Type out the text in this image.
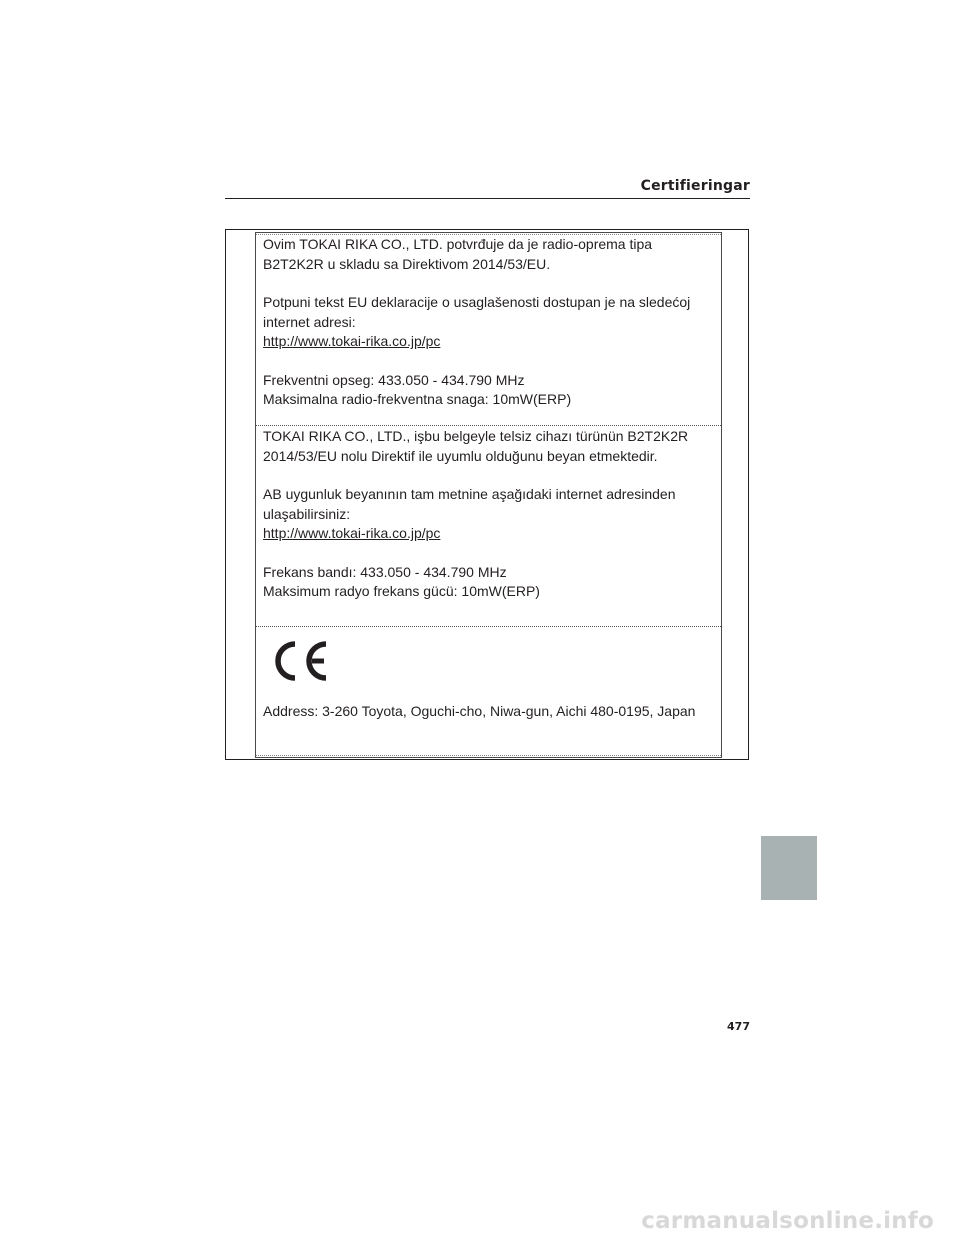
Certifieringar

Ovim TOKAI RIKA CO., LTD. potvrđuje da je radio-oprema tipa
B2T2K2R u skladu sa Direktivom 2014/53/EU.

Potpuni tekst EU deklaracije o usaglašenosti dostupan je na sledećoj
internet adresi:
http://www.tokai-rika.co.jp/pc

Frekventni opseg: 433.050 - 434.790 MHz
Maksimalna radio-frekventna snaga: 10mW(ERP)

TOKAI RIKA CO., LTD., işbu belgeyle telsiz cihazı türünün B2T2K2R
2014/53/EU nolu Direktif ile uyumlu olduğunu beyan etmektedir.

AB uygunluk beyanının tam metnine aşağıdaki internet adresinden
ulaşabilirsiniz:
http://www.tokai-rika.co.jp/pc

Frekans bandı: 433.050 - 434.790 MHz
Maksimum radyo frekans gücü: 10mW(ERP)

Address: 3-260 Toyota, Oguchi-cho, Niwa-gun, Aichi 480-0195, Japan
477
carmanualsonline.info
